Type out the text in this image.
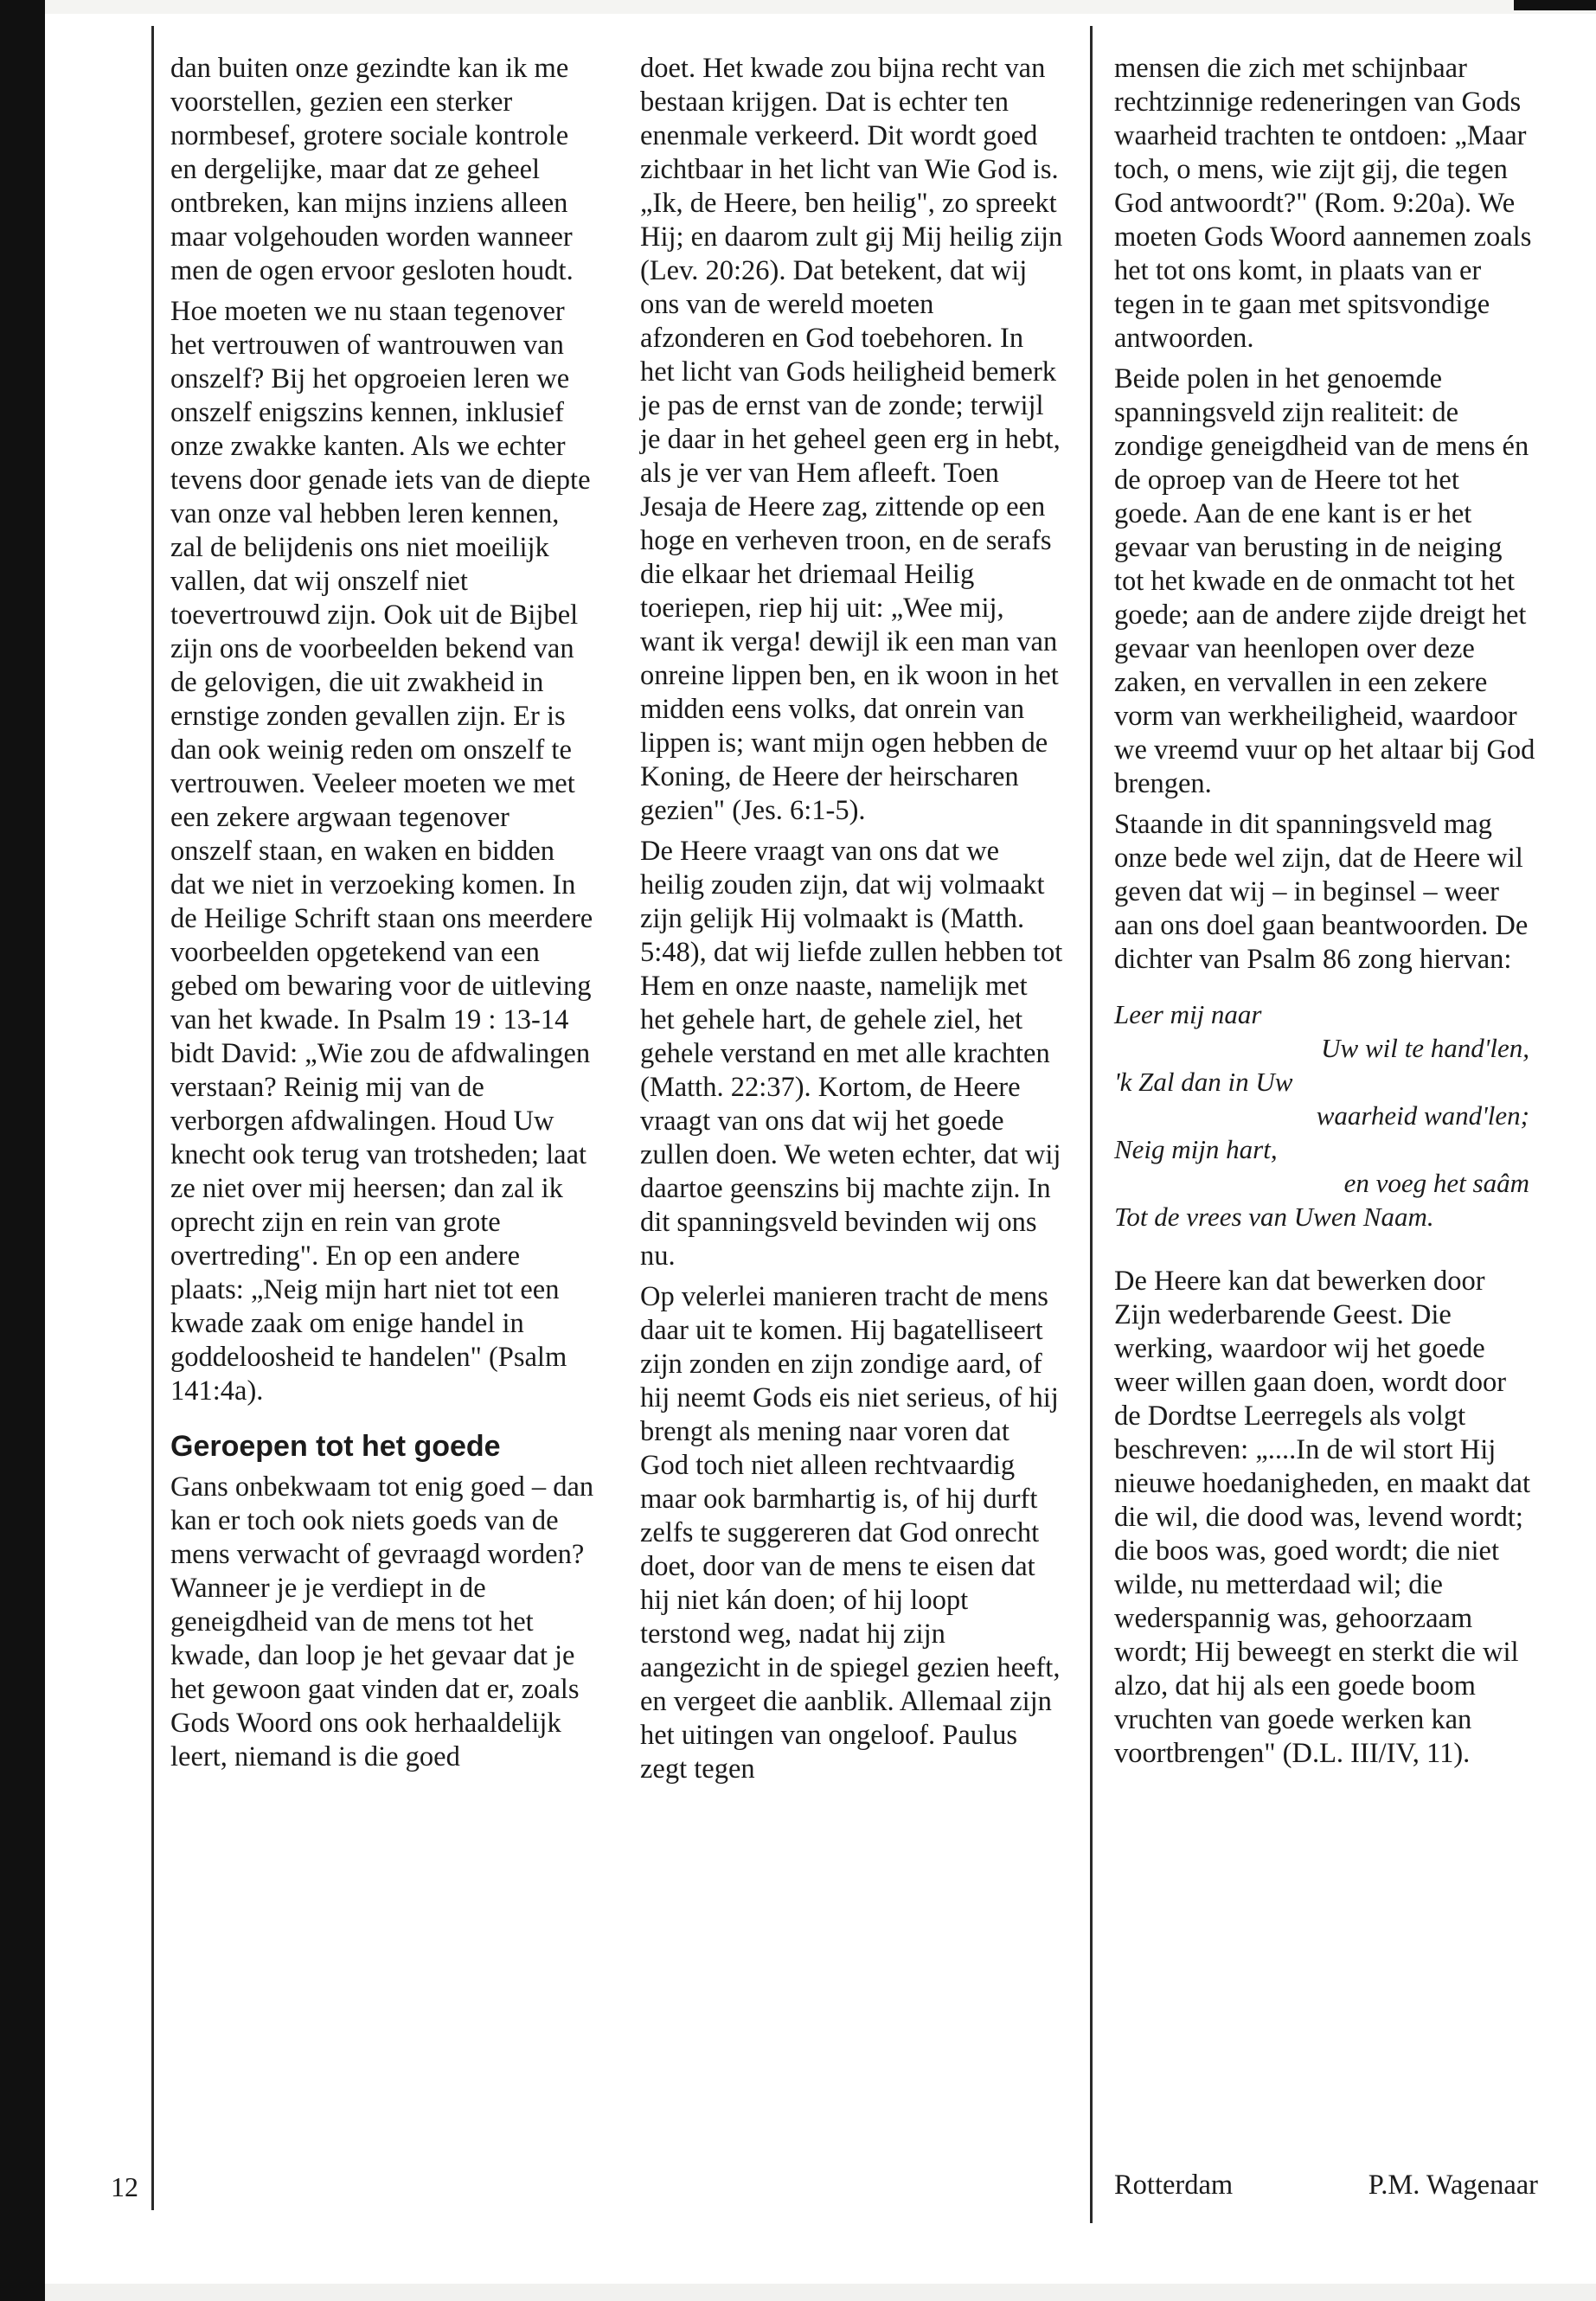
dan buiten onze gezindte kan ik me voorstellen, gezien een sterker normbesef, grotere sociale kontrole en dergelijke, maar dat ze geheel ontbreken, kan mijns inziens alleen maar volgehouden worden wanneer men de ogen ervoor gesloten houdt.

Hoe moeten we nu staan tegenover het vertrouwen of wantrouwen van onszelf? Bij het opgroeien leren we onszelf enigszins kennen, inklusief onze zwakke kanten. Als we echter tevens door genade iets van de diepte van onze val hebben leren kennen, zal de belijdenis ons niet moeilijk vallen, dat wij onszelf niet toevertrouwd zijn. Ook uit de Bijbel zijn ons de voorbeelden bekend van de gelovigen, die uit zwakheid in ernstige zonden gevallen zijn. Er is dan ook weinig reden om onszelf te vertrouwen. Veeleer moeten we met een zekere argwaan tegenover onszelf staan, en waken en bidden dat we niet in verzoeking komen. In de Heilige Schrift staan ons meerdere voorbeelden opgetekend van een gebed om bewaring voor de uitleving van het kwade. In Psalm 19 : 13-14 bidt David: „Wie zou de afdwalingen verstaan? Reinig mij van de verborgen afdwalingen. Houd Uw knecht ook terug van trotsheden; laat ze niet over mij heersen; dan zal ik oprecht zijn en rein van grote overtreding". En op een andere plaats: „Neig mijn hart niet tot een kwade zaak om enige handel in goddeloosheid te handelen" (Psalm 141:4a).

Geroepen tot het goede

Gans onbekwaam tot enig goed – dan kan er toch ook niets goeds van de mens verwacht of gevraagd worden? Wanneer je je verdiept in de geneigdheid van de mens tot het kwade, dan loop je het gevaar dat je het gewoon gaat vinden dat er, zoals Gods Woord ons ook herhaaldelijk leert, niemand is die goed

doet. Het kwade zou bijna recht van bestaan krijgen. Dat is echter ten enenmale verkeerd. Dit wordt goed zichtbaar in het licht van Wie God is. „Ik, de Heere, ben heilig", zo spreekt Hij; en daarom zult gij Mij heilig zijn (Lev. 20:26). Dat betekent, dat wij ons van de wereld moeten afzonderen en God toebehoren. In het licht van Gods heiligheid bemerk je pas de ernst van de zonde; terwijl je daar in het geheel geen erg in hebt, als je ver van Hem afleeft. Toen Jesaja de Heere zag, zittende op een hoge en verheven troon, en de serafs die elkaar het driemaal Heilig toeriepen, riep hij uit: „Wee mij, want ik verga! dewijl ik een man van onreine lippen ben, en ik woon in het midden eens volks, dat onrein van lippen is; want mijn ogen hebben de Koning, de Heere der heirscharen gezien" (Jes. 6:1-5).

De Heere vraagt van ons dat we heilig zouden zijn, dat wij volmaakt zijn gelijk Hij volmaakt is (Matth. 5:48), dat wij liefde zullen hebben tot Hem en onze naaste, namelijk met het gehele hart, de gehele ziel, het gehele verstand en met alle krachten (Matth. 22:37). Kortom, de Heere vraagt van ons dat wij het goede zullen doen. We weten echter, dat wij daartoe geenszins bij machte zijn. In dit spanningsveld bevinden wij ons nu.

Op velerlei manieren tracht de mens daar uit te komen. Hij bagatelliseert zijn zonden en zijn zondige aard, of hij neemt Gods eis niet serieus, of hij brengt als mening naar voren dat God toch niet alleen rechtvaardig maar ook barmhartig is, of hij durft zelfs te suggereren dat God onrecht doet, door van de mens te eisen dat hij niet kán doen; of hij loopt terstond weg, nadat hij zijn aangezicht in de spiegel gezien heeft, en vergeet die aanblik. Allemaal zijn het uitingen van ongeloof. Paulus zegt tegen

mensen die zich met schijnbaar rechtzinnige redeneringen van Gods waarheid trachten te ontdoen: „Maar toch, o mens, wie zijt gij, die tegen God antwoordt?" (Rom. 9:20a). We moeten Gods Woord aannemen zoals het tot ons komt, in plaats van er tegen in te gaan met spitsvondige antwoorden.

Beide polen in het genoemde spanningsveld zijn realiteit: de zondige geneigdheid van de mens én de oproep van de Heere tot het goede. Aan de ene kant is er het gevaar van berusting in de neiging tot het kwade en de onmacht tot het goede; aan de andere zijde dreigt het gevaar van heenlopen over deze zaken, en vervallen in een zekere vorm van werkheiligheid, waardoor we vreemd vuur op het altaar bij God brengen.

Staande in dit spanningsveld mag onze bede wel zijn, dat de Heere wil geven dat wij – in beginsel – weer aan ons doel gaan beantwoorden. De dichter van Psalm 86 zong hiervan:

Leer mij naar
Uw wil te hand'len,
'k Zal dan in Uw
waarheid wand'len;
Neig mijn hart,
en voeg het saâm
Tot de vrees van Uwen Naam.

De Heere kan dat bewerken door Zijn wederbarende Geest. Die werking, waardoor wij het goede weer willen gaan doen, wordt door de Dordtse Leerregels als volgt beschreven: „....In de wil stort Hij nieuwe hoedanigheden, en maakt dat die wil, die dood was, levend wordt; die boos was, goed wordt; die niet wilde, nu metterdaad wil; die wederspannig was, gehoorzaam wordt; Hij beweegt en sterkt die wil alzo, dat hij als een goede boom vruchten van goede werken kan voortbrengen" (D.L. III/IV, 11).

12	Rotterdam	P.M. Wagenaar
